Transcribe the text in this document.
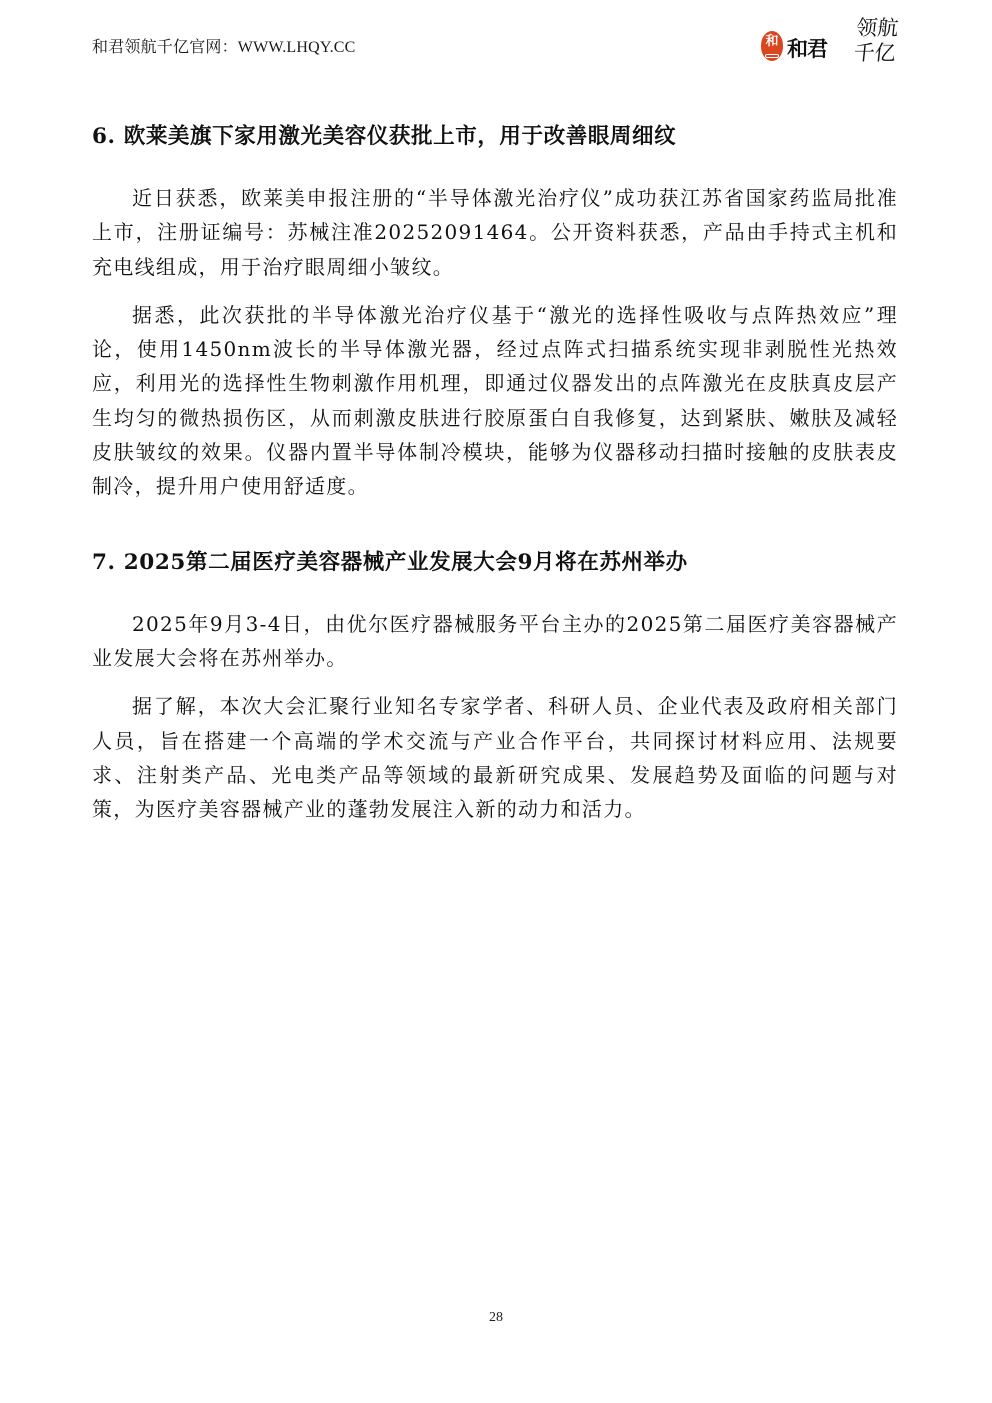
和君领航千亿官网：WWW.LHQY.CC	和 和君
领航
千亿
6. 欧莱美旗下家用激光美容仪获批上市，用于改善眼周细纹

近日获悉，欧莱美申报注册的“半导体激光治疗仪”成功获江苏省国家药监局批准上市，注册证编号：苏械注准20252091464。公开资料获悉，产品由手持式主机和充电线组成，用于治疗眼周细小皱纹。

据悉，此次获批的半导体激光治疗仪基于“激光的选择性吸收与点阵热效应”理论，使用1450nm波长的半导体激光器，经过点阵式扫描系统实现非剥脱性光热效应，利用光的选择性生物刺激作用机理，即通过仪器发出的点阵激光在皮肤真皮层产生均匀的微热损伤区，从而刺激皮肤进行胶原蛋白自我修复，达到紧肤、嫩肤及减轻皮肤皱纹的效果。仪器内置半导体制冷模块，能够为仪器移动扫描时接触的皮肤表皮制冷，提升用户使用舒适度。

7. 2025第二届医疗美容器械产业发展大会9月将在苏州举办

2025年9月3-4日，由优尔医疗器械服务平台主办的2025第二届医疗美容器械产业发展大会将在苏州举办。

据了解，本次大会汇聚行业知名专家学者、科研人员、企业代表及政府相关部门人员，旨在搭建一个高端的学术交流与产业合作平台，共同探讨材料应用、法规要求、注射类产品、光电类产品等领域的最新研究成果、发展趋势及面临的问题与对策，为医疗美容器械产业的蓬勃发展注入新的动力和活力。

28
